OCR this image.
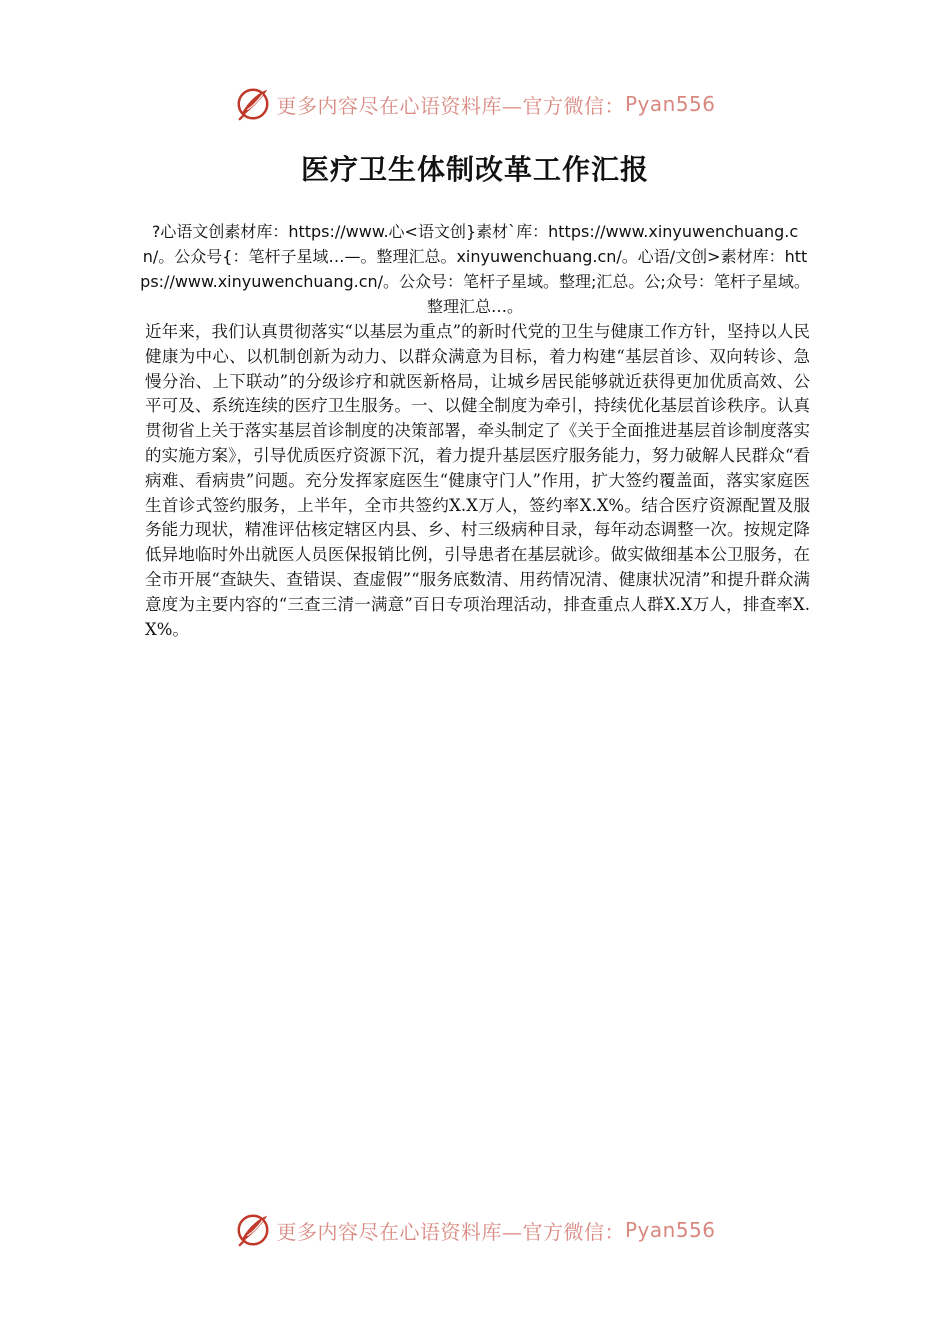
更多内容尽在心语资料库—官方微信： Pyan556
医疗卫生体制改革工作汇报
?心语文创素材库：https://www.心<语文创}素材`库：https://www.xinyuwenchuang.cn/。公众号{：笔杆子星域…—。整理汇总。xinyuwenchuang.cn/。心语/文创>素材库：https://www.xinyuwenchuang.cn/。公众号：笔杆子星域。整理;汇总。公;众号：笔杆子星域。整理汇总…。
近年来，我们认真贯彻落实“以基层为重点”的新时代党的卫生与健康工作方针，坚持以人民健康为中心、以机制创新为动力、以群众满意为目标，着力构建“基层首诊、双向转诊、急慢分治、上下联动”的分级诊疗和就医新格局，让城乡居民能够就近获得更加优质高效、公平可及、系统连续的医疗卫生服务。一、以健全制度为牵引，持续优化基层首诊秩序。认真贯彻省上关于落实基层首诊制度的决策部署，牵头制定了《关于全面推进基层首诊制度落实的实施方案》，引导优质医疗资源下沉，着力提升基层医疗服务能力，努力破解人民群众“看病难、看病贵”问题。充分发挥家庭医生“健康守门人”作用，扩大签约覆盖面，落实家庭医生首诊式签约服务，上半年，全市共签约X.X万人，签约率X.X%。结合医疗资源配置及服务能力现状，精准评估核定辖区内县、乡、村三级病种目录，每年动态调整一次。按规定降低异地临时外出就医人员医保报销比例，引导患者在基层就诊。做实做细基本公卫服务，在全市开展“查缺失、查错误、查虚假”“服务底数清、用药情况清、健康状况清”和提升群众满意度为主要内容的“三查三清一满意”百日专项治理活动，排查重点人群X.X万人，排查率X.X%。
更多内容尽在心语资料库—官方微信： Pyan556
